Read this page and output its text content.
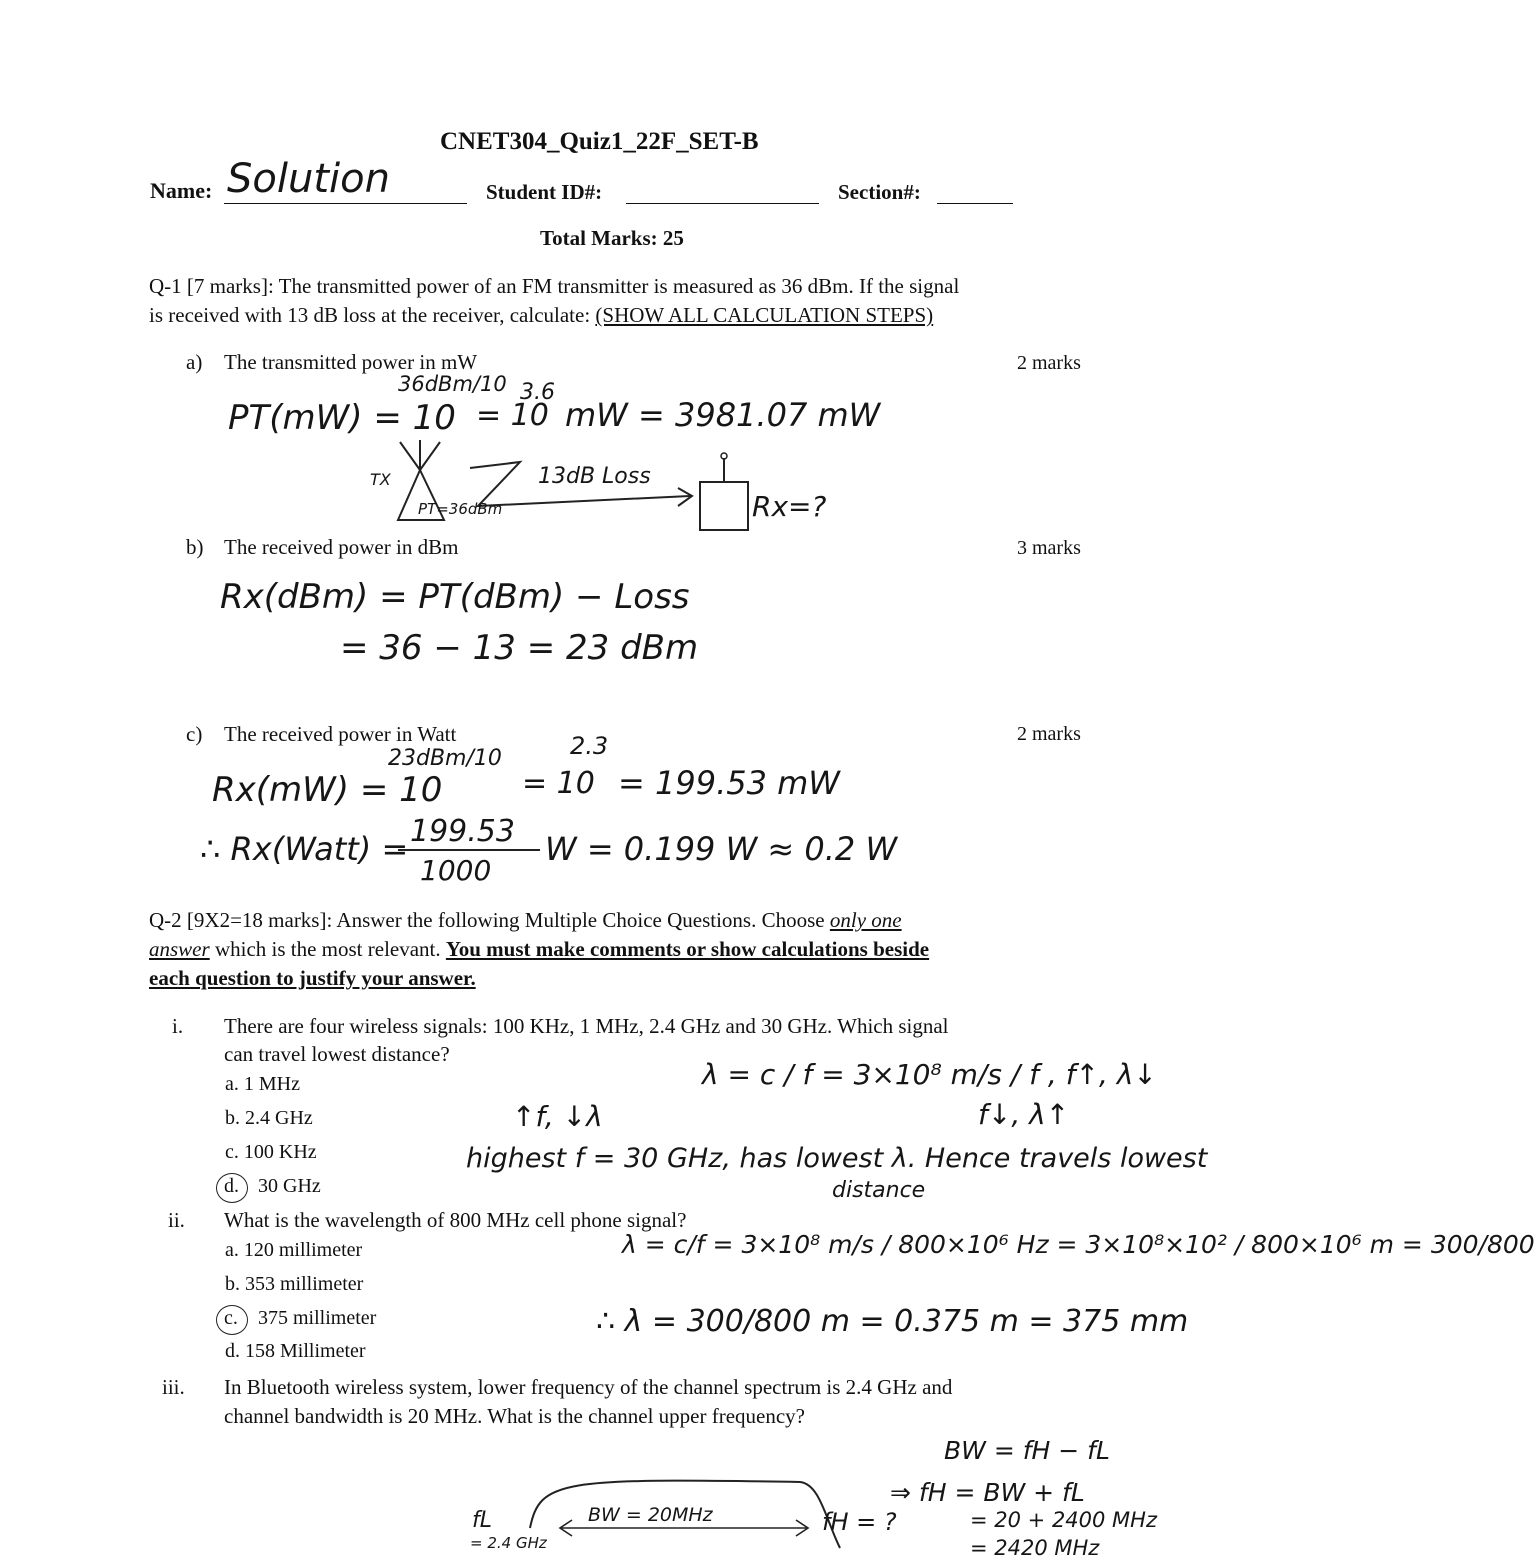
CNET304_Quiz1_22F_SET-B
Name: Solution	Student ID#:	Section#:
Total Marks: 25
Q-1 [7 marks]: The transmitted power of an FM transmitter is measured as 36 dBm. If the signal
is received with 13 dB loss at the receiver, calculate: (SHOW ALL CALCULATION STEPS)
a) The transmitted power in mW	2 marks
PT(mW) = 10
36dBm/10
= 10
3.6
mW = 3981.07 mW
TX
PT=36dBm
13dB Loss
Rx=?
b) The received power in dBm	3 marks
Rx(dBm) = PT(dBm) − Loss
= 36 − 13 = 23 dBm
c) The received power in Watt	2 marks
Rx(mW) = 10
23dBm/10
= 10
2.3
= 199.53 mW
∴ Rx(Watt) = 199.53
1000
W = 0.199 W ≈ 0.2 W
Q-2 [9X2=18 marks]: Answer the following Multiple Choice Questions. Choose only one
answer which is the most relevant. You must make comments or show calculations beside
each question to justify your answer.
i. There are four wireless signals: 100 KHz, 1 MHz, 2.4 GHz and 30 GHz. Which signal
can travel lowest distance?
a. 1 MHz
b. 2.4 GHz
c. 100 KHz
d. 30 GHz
λ = c / f = 3×10⁸ m/s / f , f↑, λ↓
f↓, λ↑
↑f, ↓λ
highest f = 30 GHz, has lowest λ. Hence travels lowest
distance
ii. What is the wavelength of 800 MHz cell phone signal?
a. 120 millimeter
b. 353 millimeter
c. 375 millimeter
d. 158 Millimeter
λ = c/f = 3×10⁸ m/s / 800×10⁶ Hz = 3×10⁸×10² / 800×10⁶ m = 300/800
∴ λ = 300/800 m = 0.375 m = 375 mm
iii. In Bluetooth wireless system, lower frequency of the channel spectrum is 2.4 GHz and
channel bandwidth is 20 MHz. What is the channel upper frequency?
BW = fH − fL
⇒ fH = BW + fL
= 20 + 2400 MHz
= 2420 MHz
fL
= 2.4 GHz
BW = 20MHz	fH = ?
